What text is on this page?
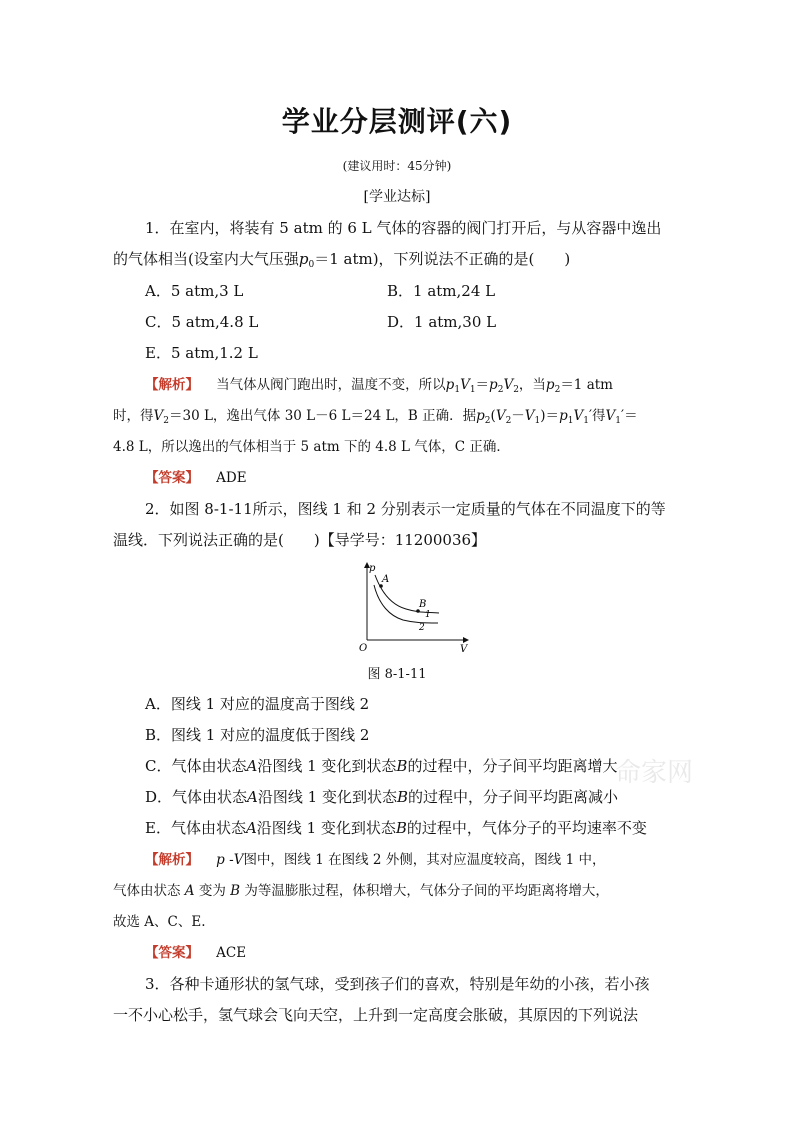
学业分层测评(六)
(建议用时：45分钟)
[学业达标]
1．在室内，将装有 5 atm 的 6 L 气体的容器的阀门打开后，与从容器中逸出
的气体相当(设室内大气压强$p_0=1$ atm)，下列说法不正确的是(　　)
A．5 atm,3 L	B．1 atm,24 L
C．5 atm,4.8 L	D．1 atm,30 L
E．5 atm,1.2 L
【解析】 当气体从阀门跑出时，温度不变，所以$p_1V_1=p_2V_2$，当$p_2=1$ atm
时，得$V_2=30$ L，逸出气体 30 L－6 L＝24 L，B 正确．据$p_2(V_2-V_1)=p_1V_1'$得$V_1'=$
4.8 L，所以逸出的气体相当于 5 atm 下的 4.8 L 气体，C 正确．
【答案】 ADE
2．如图 8-1-11所示，图线 1 和 2 分别表示一定质量的气体在不同温度下的等
温线．下列说法正确的是(　　)【导学号：11200036】
p
V
O
A
B
1
2
图 8-1-11
A．图线 1 对应的温度高于图线 2
B．图线 1 对应的温度低于图线 2
C．气体由状态A沿图线 1 变化到状态B的过程中，分子间平均距离增大
D．气体由状态A沿图线 1 变化到状态B的过程中，分子间平均距离减小
E．气体由状态A沿图线 1 变化到状态B的过程中，气体分子的平均速率不变
【解析】 p -V图中，图线 1 在图线 2 外侧，其对应温度较高，图线 1 中，
气体由状态 A 变为 B 为等温膨胀过程，体积增大，气体分子间的平均距离将增大，
故选 A、C、E.
【答案】 ACE
3．各种卡通形状的氢气球，受到孩子们的喜欢，特别是年幼的小孩，若小孩
一不小心松手，氢气球会飞向天空，上升到一定高度会胀破，其原因的下列说法
命家网
